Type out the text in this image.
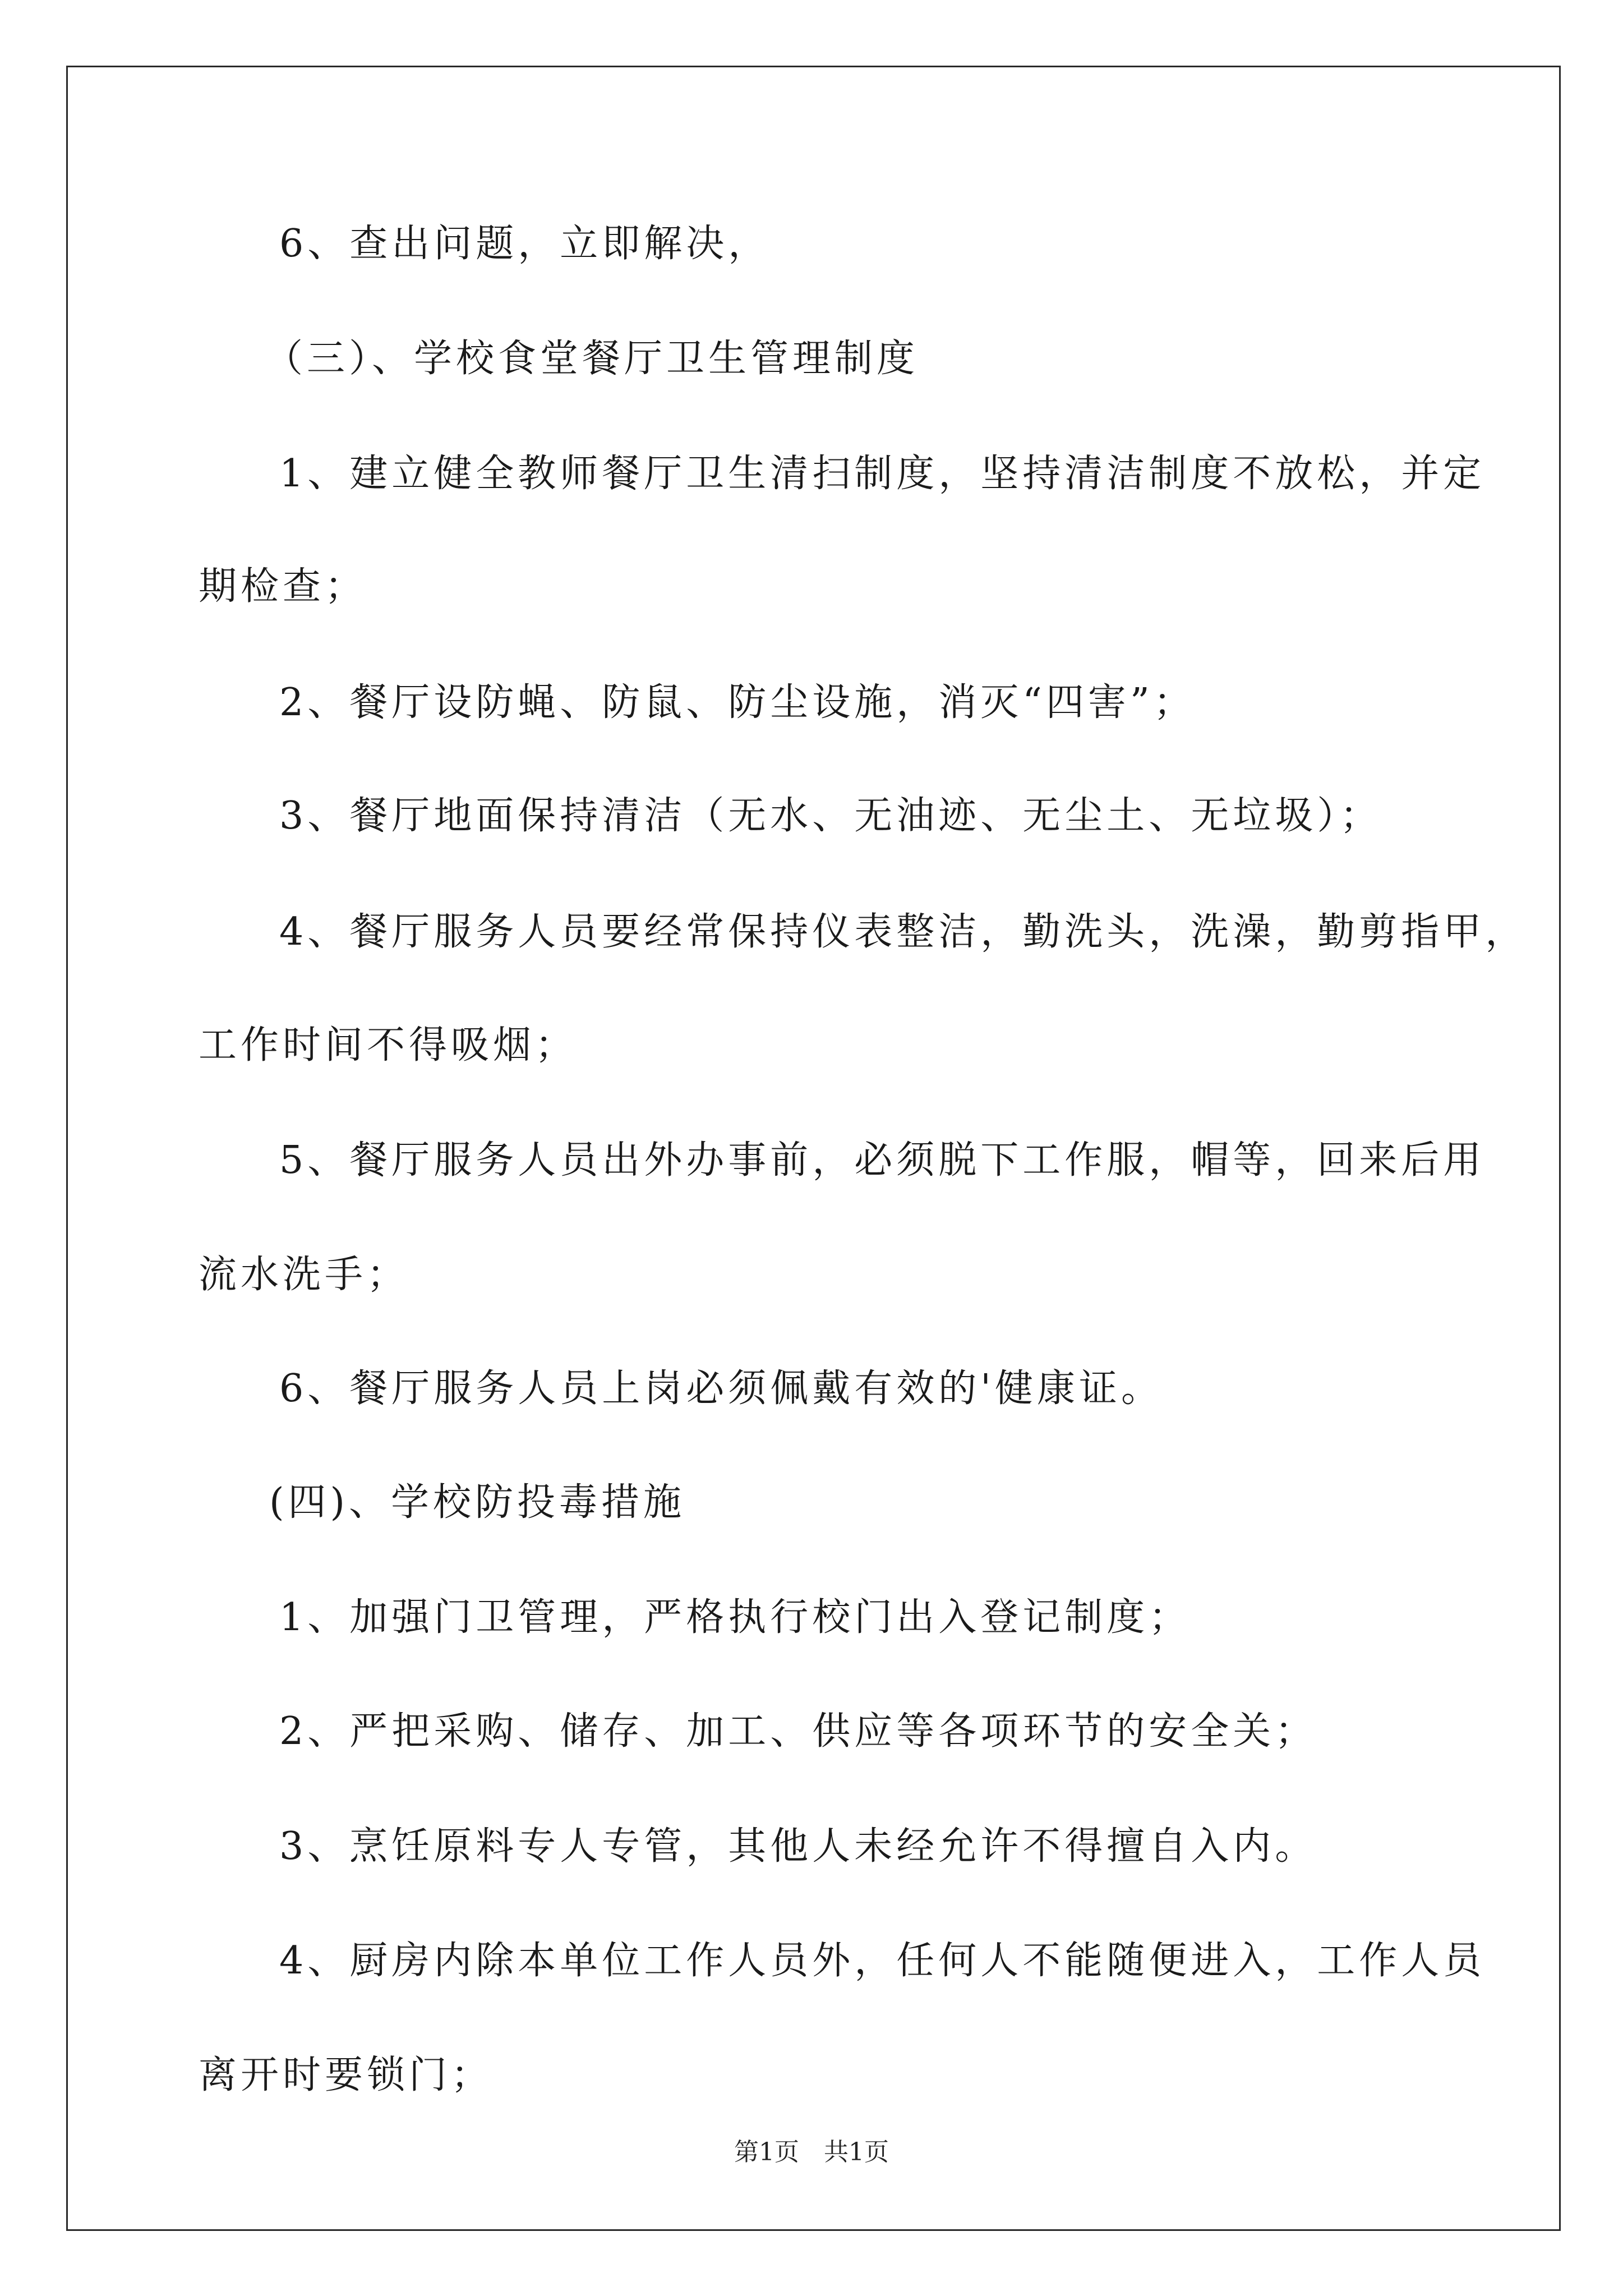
6、查出问题，立即解决，
（三）、学校食堂餐厅卫生管理制度
1、建立健全教师餐厅卫生清扫制度，坚持清洁制度不放松，并定
期检查；
2、餐厅设防蝇、防鼠、防尘设施，消灭“四害”；
3、餐厅地面保持清洁（无水、无油迹、无尘土、无垃圾）；
4、餐厅服务人员要经常保持仪表整洁，勤洗头，洗澡，勤剪指甲，
工作时间不得吸烟；
5、餐厅服务人员出外办事前，必须脱下工作服，帽等，回来后用
流水洗手；
6、餐厅服务人员上岗必须佩戴有效的'健康证。
(四)、学校防投毒措施
1、加强门卫管理，严格执行校门出入登记制度；
2、严把采购、储存、加工、供应等各项环节的安全关；
3、烹饪原料专人专管，其他人未经允许不得擅自入内。
4、厨房内除本单位工作人员外，任何人不能随便进入，工作人员
离开时要锁门；
第1页　共1页
